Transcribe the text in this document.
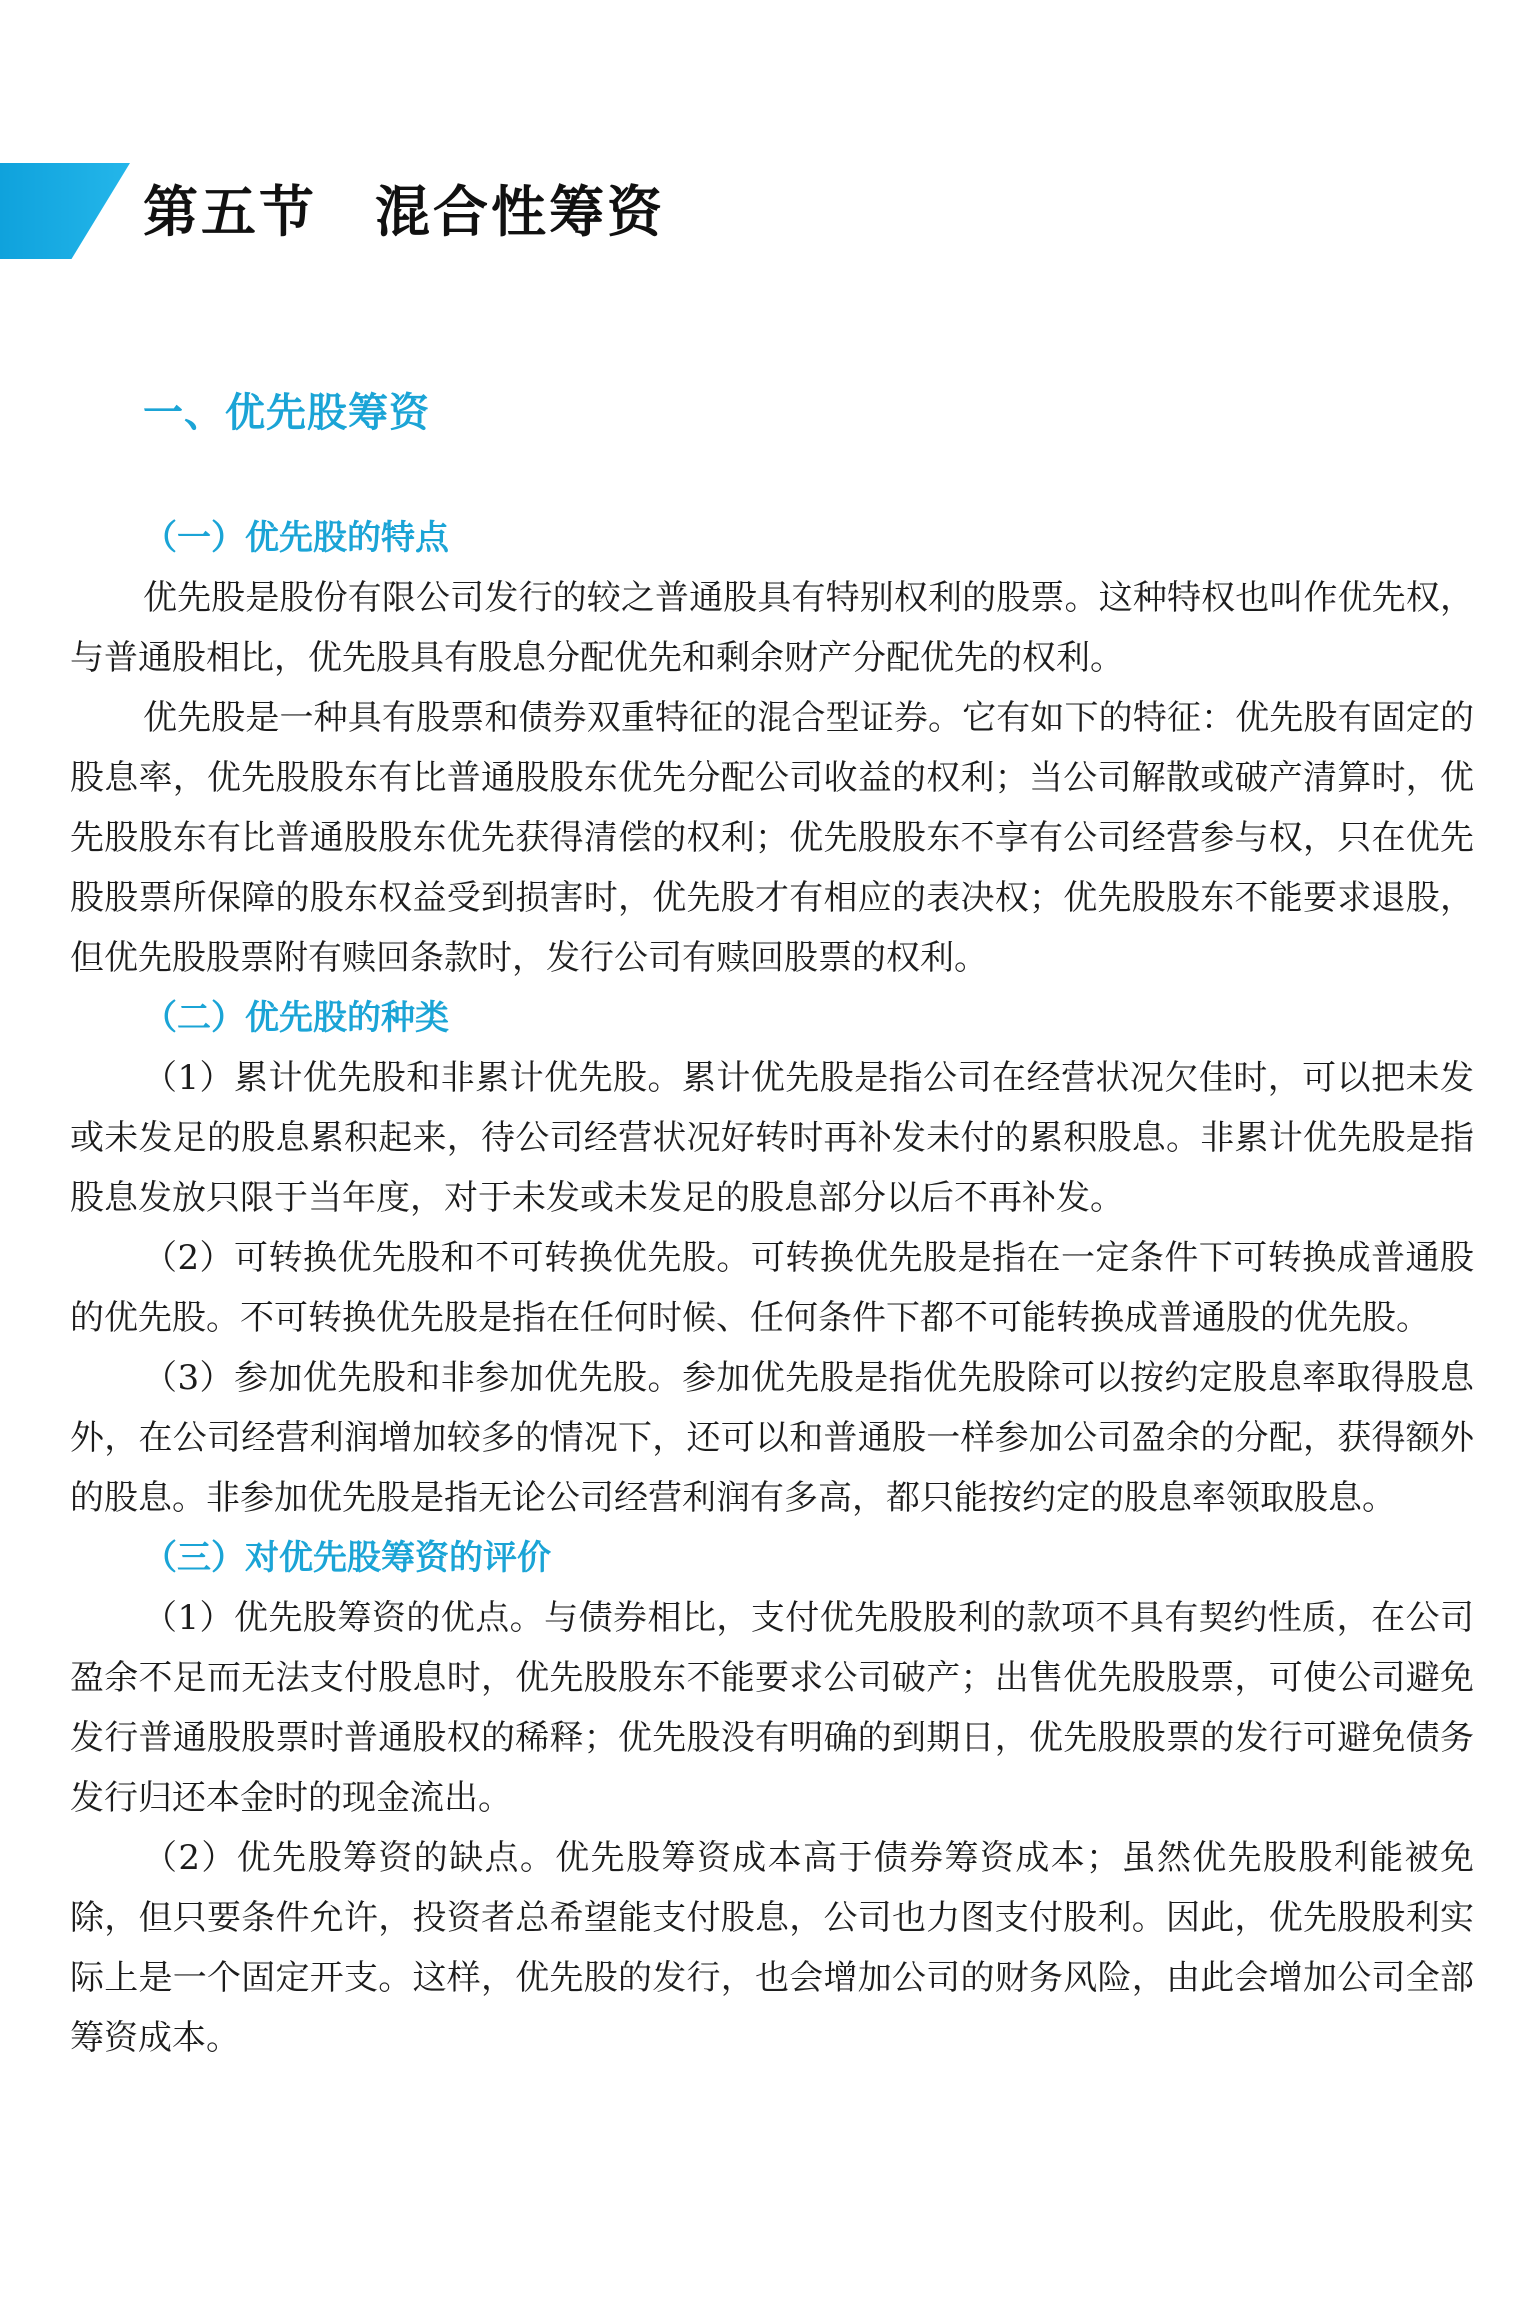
第五节　混合性筹资
一、优先股筹资
（一）优先股的特点

优先股是股份有限公司发行的较之普通股具有特别权利的股票。这种特权也叫作优先权，与普通股相比，优先股具有股息分配优先和剩余财产分配优先的权利。

优先股是一种具有股票和债券双重特征的混合型证券。它有如下的特征：优先股有固定的股息率，优先股股东有比普通股股东优先分配公司收益的权利；当公司解散或破产清算时，优先股股东有比普通股股东优先获得清偿的权利；优先股股东不享有公司经营参与权，只在优先股股票所保障的股东权益受到损害时，优先股才有相应的表决权；优先股股东不能要求退股，但优先股股票附有赎回条款时，发行公司有赎回股票的权利。

（二）优先股的种类

（1）累计优先股和非累计优先股。累计优先股是指公司在经营状况欠佳时，可以把未发或未发足的股息累积起来，待公司经营状况好转时再补发未付的累积股息。非累计优先股是指股息发放只限于当年度，对于未发或未发足的股息部分以后不再补发。

（2）可转换优先股和不可转换优先股。可转换优先股是指在一定条件下可转换成普通股的优先股。不可转换优先股是指在任何时候、任何条件下都不可能转换成普通股的优先股。

（3）参加优先股和非参加优先股。参加优先股是指优先股除可以按约定股息率取得股息外，在公司经营利润增加较多的情况下，还可以和普通股一样参加公司盈余的分配，获得额外的股息。非参加优先股是指无论公司经营利润有多高，都只能按约定的股息率领取股息。

（三）对优先股筹资的评价

（1）优先股筹资的优点。与债券相比，支付优先股股利的款项不具有契约性质，在公司盈余不足而无法支付股息时，优先股股东不能要求公司破产；出售优先股股票，可使公司避免发行普通股股票时普通股权的稀释；优先股没有明确的到期日，优先股股票的发行可避免债务发行归还本金时的现金流出。

（2）优先股筹资的缺点。优先股筹资成本高于债券筹资成本；虽然优先股股利能被免除，但只要条件允许，投资者总希望能支付股息，公司也力图支付股利。因此，优先股股利实际上是一个固定开支。这样，优先股的发行，也会增加公司的财务风险，由此会增加公司全部筹资成本。
